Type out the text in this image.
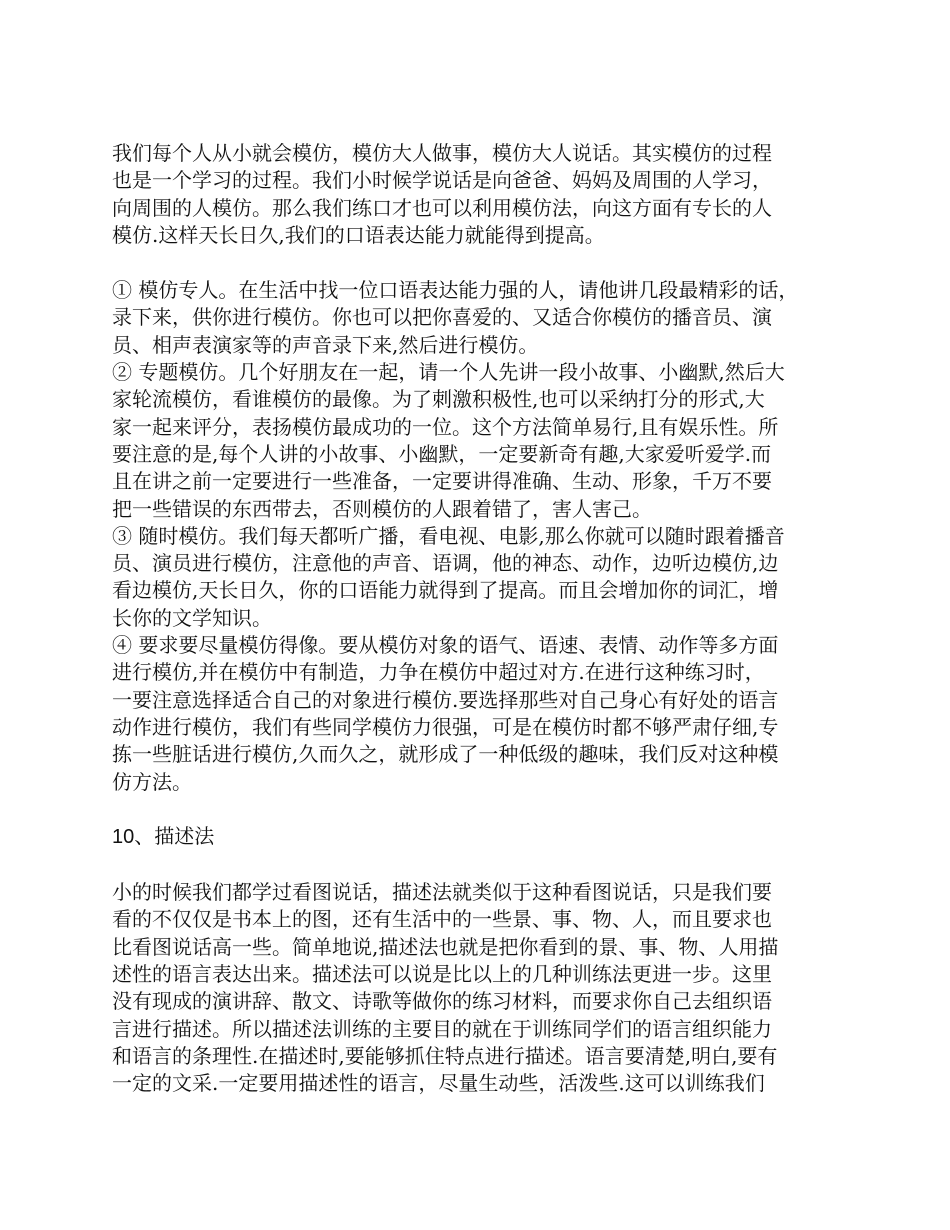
我们每个人从小就会模仿，模仿大人做事，模仿大人说话。其实模仿的过程
也是一个学习的过程。我们小时候学说话是向爸爸、妈妈及周围的人学习，
向周围的人模仿。那么我们练口才也可以利用模仿法，向这方面有专长的人
模仿.这样天长日久,我们的口语表达能力就能得到提高。

① 模仿专人。在生活中找一位口语表达能力强的人，请他讲几段最精彩的话，
录下来，供你进行模仿。你也可以把你喜爱的、又适合你模仿的播音员、演
员、相声表演家等的声音录下来,然后进行模仿。

② 专题模仿。几个好朋友在一起，请一个人先讲一段小故事、小幽默,然后大
家轮流模仿，看谁模仿的最像。为了刺激积极性,也可以采纳打分的形式,大
家一起来评分，表扬模仿最成功的一位。这个方法简单易行,且有娱乐性。所
要注意的是,每个人讲的小故事、小幽默，一定要新奇有趣,大家爱听爱学.而
且在讲之前一定要进行一些准备，一定要讲得准确、生动、形象，千万不要
把一些错误的东西带去，否则模仿的人跟着错了，害人害己。

③ 随时模仿。我们每天都听广播，看电视、电影,那么你就可以随时跟着播音
员、演员进行模仿，注意他的声音、语调，他的神态、动作，边听边模仿,边
看边模仿,天长日久，你的口语能力就得到了提高。而且会增加你的词汇，增
长你的文学知识。

④ 要求要尽量模仿得像。要从模仿对象的语气、语速、表情、动作等多方面
进行模仿,并在模仿中有制造，力争在模仿中超过对方.在进行这种练习时，
一要注意选择适合自己的对象进行模仿.要选择那些对自己身心有好处的语言
动作进行模仿，我们有些同学模仿力很强，可是在模仿时都不够严肃仔细,专
拣一些脏话进行模仿,久而久之，就形成了一种低级的趣味，我们反对这种模
仿方法。

10、描述法

小的时候我们都学过看图说话，描述法就类似于这种看图说话，只是我们要
看的不仅仅是书本上的图，还有生活中的一些景、事、物、人，而且要求也
比看图说话高一些。简单地说,描述法也就是把你看到的景、事、物、人用描
述性的语言表达出来。描述法可以说是比以上的几种训练法更进一步。这里
没有现成的演讲辞、散文、诗歌等做你的练习材料，而要求你自己去组织语
言进行描述。所以描述法训练的主要目的就在于训练同学们的语言组织能力
和语言的条理性.在描述时,要能够抓住特点进行描述。语言要清楚,明白,要有
一定的文采.一定要用描述性的语言，尽量生动些，活泼些.这可以训练我们
